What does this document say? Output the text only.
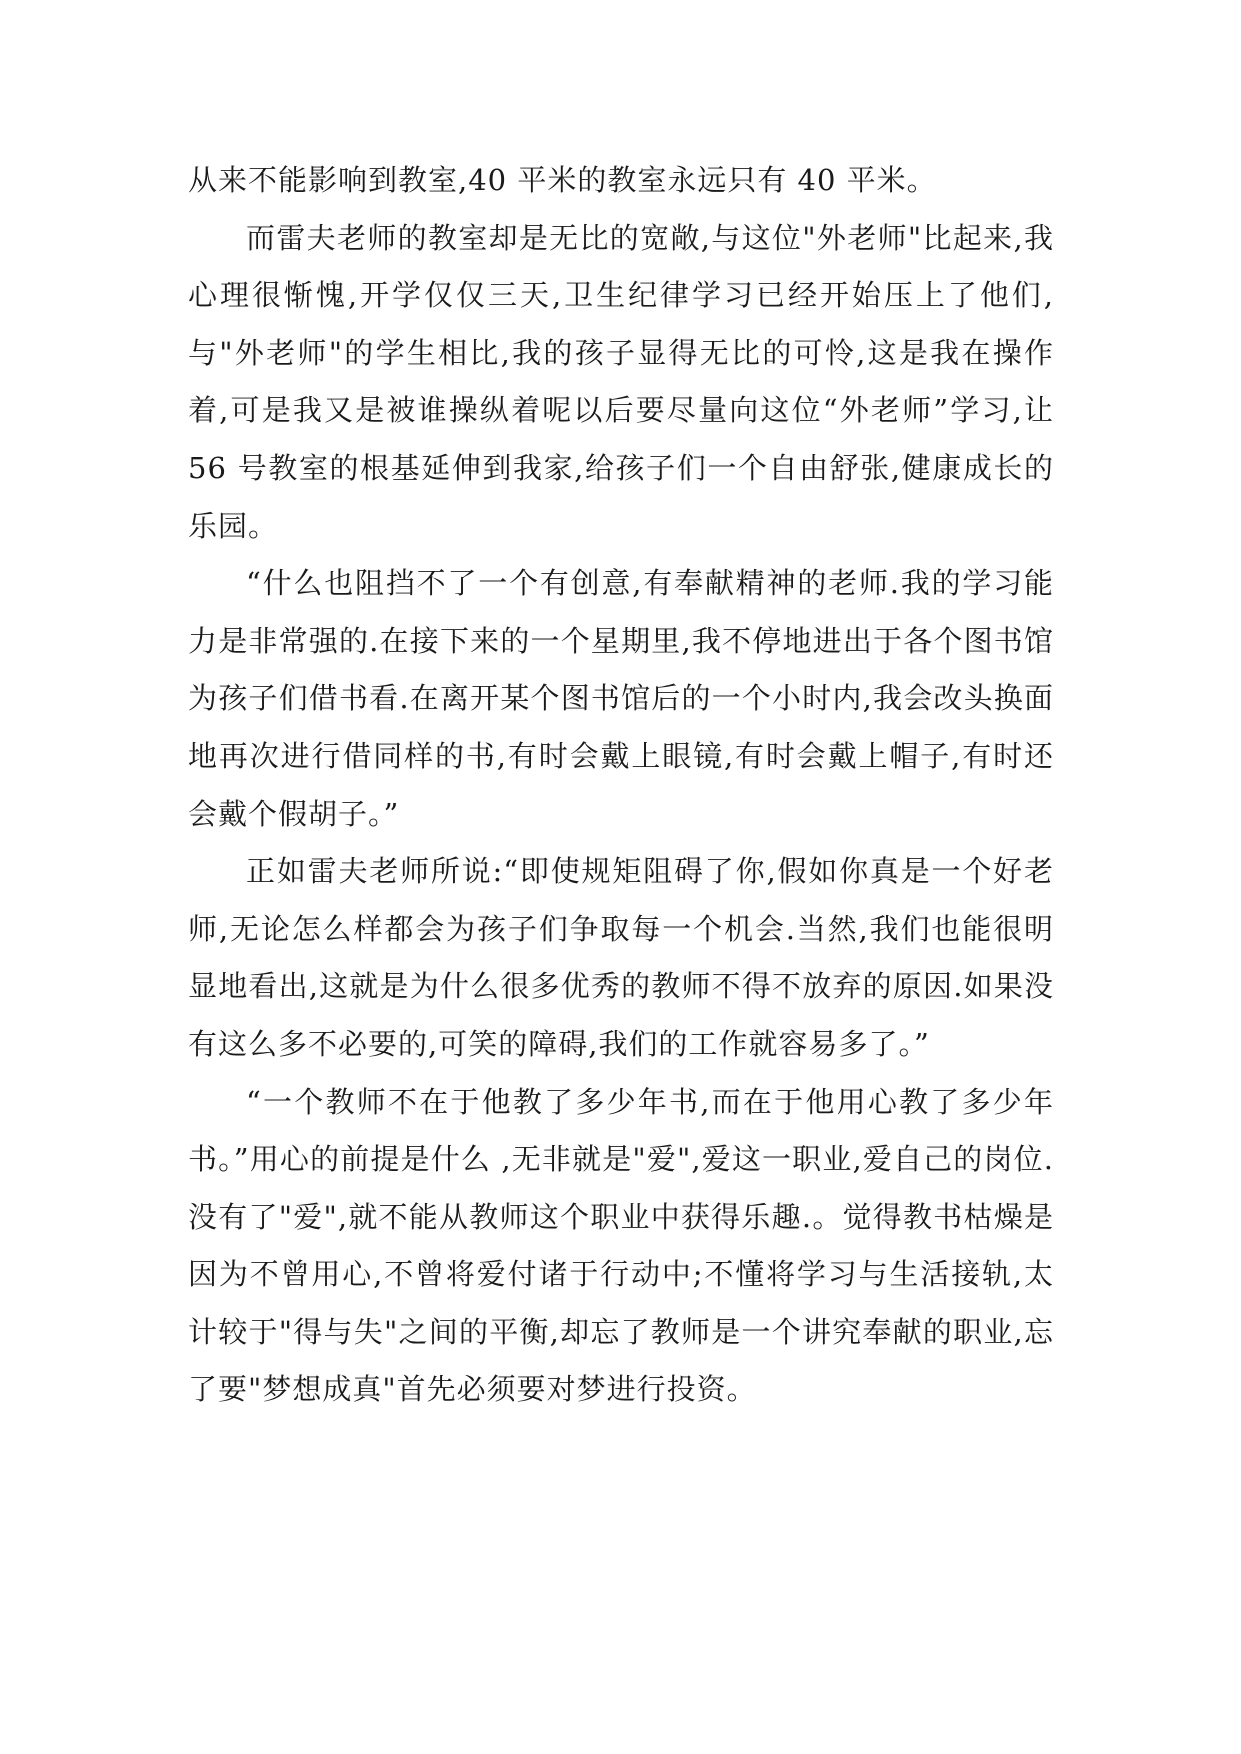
从来不能影响到教室,40 平米的教室永远只有 40 平米。

而雷夫老师的教室却是无比的宽敞,与这位"外老师"比起来,我心理很惭愧,开学仅仅三天,卫生纪律学习已经开始压上了他们,与"外老师"的学生相比,我的孩子显得无比的可怜,这是我在操作着,可是我又是被谁操纵着呢以后要尽量向这位“外老师”学习,让 56 号教室的根基延伸到我家,给孩子们一个自由舒张,健康成长的乐园。

“什么也阻挡不了一个有创意,有奉献精神的老师.我的学习能力是非常强的.在接下来的一个星期里,我不停地进出于各个图书馆为孩子们借书看.在离开某个图书馆后的一个小时内,我会改头换面地再次进行借同样的书,有时会戴上眼镜,有时会戴上帽子,有时还会戴个假胡子。”

正如雷夫老师所说:“即使规矩阻碍了你,假如你真是一个好老师,无论怎么样都会为孩子们争取每一个机会.当然,我们也能很明显地看出,这就是为什么很多优秀的教师不得不放弃的原因.如果没有这么多不必要的,可笑的障碍,我们的工作就容易多了。”

“一个教师不在于他教了多少年书,而在于他用心教了多少年书。”用心的前提是什么 ,无非就是"爱",爱这一职业,爱自己的岗位.没有了"爱",就不能从教师这个职业中获得乐趣.。觉得教书枯燥是因为不曾用心,不曾将爱付诸于行动中;不懂将学习与生活接轨,太计较于"得与失"之间的平衡,却忘了教师是一个讲究奉献的职业,忘了要"梦想成真"首先必须要对梦进行投资。
